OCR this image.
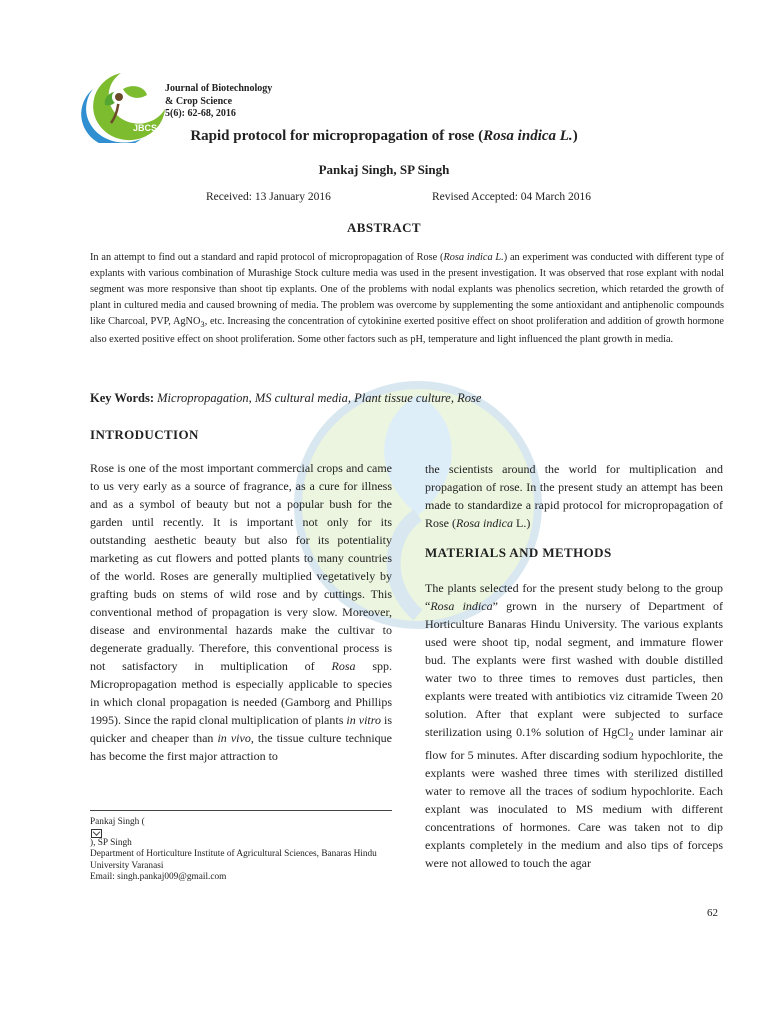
JBCS
Journal of Biotechnology
& Crop Science
5(6): 62-68, 2016
Rapid protocol for micropropagation of rose (Rosa indica L.)
Pankaj Singh, SP Singh
Received: 13 January 2016	Revised Accepted: 04 March 2016
ABSTRACT

In an attempt to find out a standard and rapid protocol of micropropagation of Rose (Rosa indica L.) an experiment was conducted with different type of explants with various combination of Murashige Stock culture media was used in the present investigation. It was observed that rose explant with nodal segment was more responsive than shoot tip explants. One of the problems with nodal explants was phenolics secretion, which retarded the growth of plant in cultured media and caused browning of media. The problem was overcome by supplementing the some antioxidant and antiphenolic compounds like Charcoal, PVP, AgNO$_3$, etc. Increasing the concentration of cytokinine exerted positive effect on shoot proliferation and addition of growth hormone also exerted positive effect on shoot proliferation. Some other factors such as pH, temperature and light influenced the plant growth in media.

Key Words: Micropropagation, MS cultural media, Plant tissue culture, Rose
INTRODUCTION

Rose is one of the most important commercial crops and came to us very early as a source of fragrance, as a cure for illness and as a symbol of beauty but not a popular bush for the garden until recently. It is important not only for its outstanding aesthetic beauty but also for its potentiality marketing as cut flowers and potted plants to many countries of the world. Roses are generally multiplied vegetatively by grafting buds on stems of wild rose and by cuttings. This conventional method of propagation is very slow. Moreover, disease and environmental hazards make the cultivar to degenerate gradually. Therefore, this conventional process is not satisfactory in multiplication of Rosa spp. Micropropagation method is especially applicable to species in which clonal propagation is needed (Gamborg and Phillips 1995). Since the rapid clonal multiplication of plants in vitro is quicker and cheaper than in vivo, the tissue culture technique has become the first major attraction to

the scientists around the world for multiplication and propagation of rose. In the present study an attempt has been made to standardize a rapid protocol for micropropagation of Rose (Rosa indica L.)

MATERIALS AND METHODS

The plants selected for the present study belong to the group “Rosa indica” grown in the nursery of Department of Horticulture Banaras Hindu University. The various explants used were shoot tip, nodal segment, and immature flower bud. The explants were first washed with double distilled water two to three times to removes dust particles, then explants were treated with antibiotics viz citramide Tween 20 solution. After that explant were subjected to surface sterilization using 0.1% solution of HgCl$_2$ under laminar air flow for 5 minutes. After discarding sodium hypochlorite, the explants were washed three times with sterilized distilled water to remove all the traces of sodium hypochlorite. Each explant was inoculated to MS medium with different concentrations of hormones. Care was taken not to dip explants completely in the medium and also tips of forceps were not allowed to touch the agar

Pankaj Singh (
), SP Singh
Department of Horticulture Institute of Agricultural Sciences, Banaras Hindu University Varanasi
Email: singh.pankaj009@gmail.com
62
